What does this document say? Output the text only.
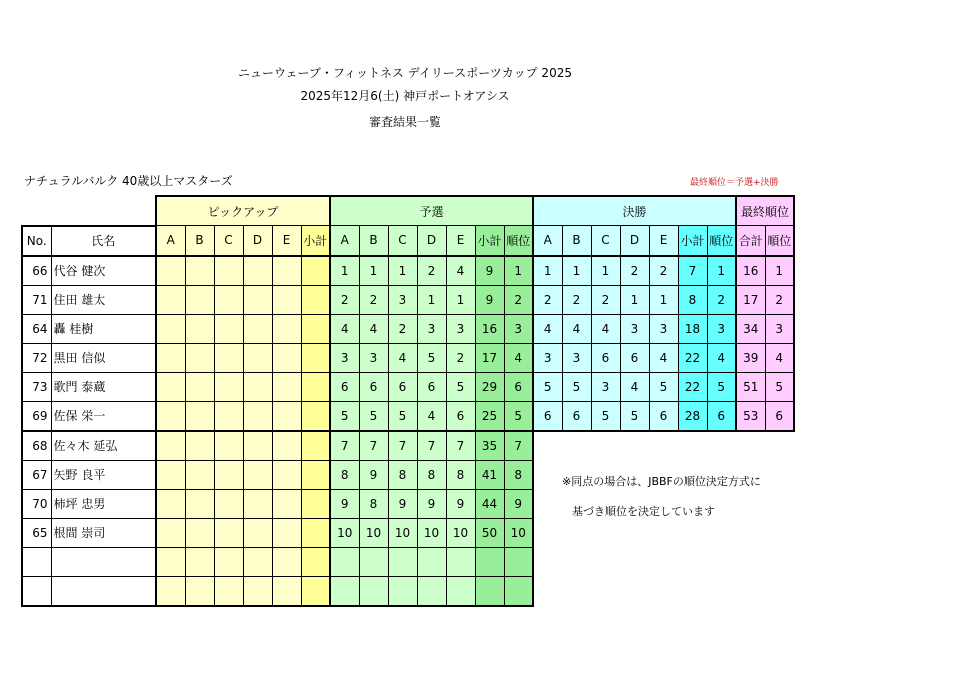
ニューウェーブ・フィットネス デイリースポーツカップ 2025
2025年12月6(土) 神戸ポートオアシス
審査結果一覧
ナチュラルバルク 40歳以上マスターズ	最終順位＝予選+決勝
		ピックアップ						予選							決勝							最終順位	
No.	氏名	A	B	C	D	E	小計	A	B	C	D	E	小計	順位	A	B	C	D	E	小計	順位	合計	順位
66	代谷 健次							1	1	1	2	4	9	1	1	1	1	2	2	7	1	16	1
71	住田 雄太							2	2	3	1	1	9	2	2	2	2	1	1	8	2	17	2
64	轟 桂樹							4	4	2	3	3	16	3	4	4	4	3	3	18	3	34	3
72	黒田 信似							3	3	4	5	2	17	4	3	3	6	6	4	22	4	39	4
73	歌門 泰蔵							6	6	6	6	5	29	6	5	5	3	4	5	22	5	51	5
69	佐保 栄一							5	5	5	4	6	25	5	6	6	5	5	6	28	6	53	6
68	佐々木 延弘							7	7	7	7	7	35	7									
67	矢野 良平							8	9	8	8	8	41	8									
70	柿坪 忠男							9	8	9	9	9	44	9									
65	根間 崇司							10	10	10	10	10	50	10									

※同点の場合は、JBBFの順位決定方式に
基づき順位を決定しています
